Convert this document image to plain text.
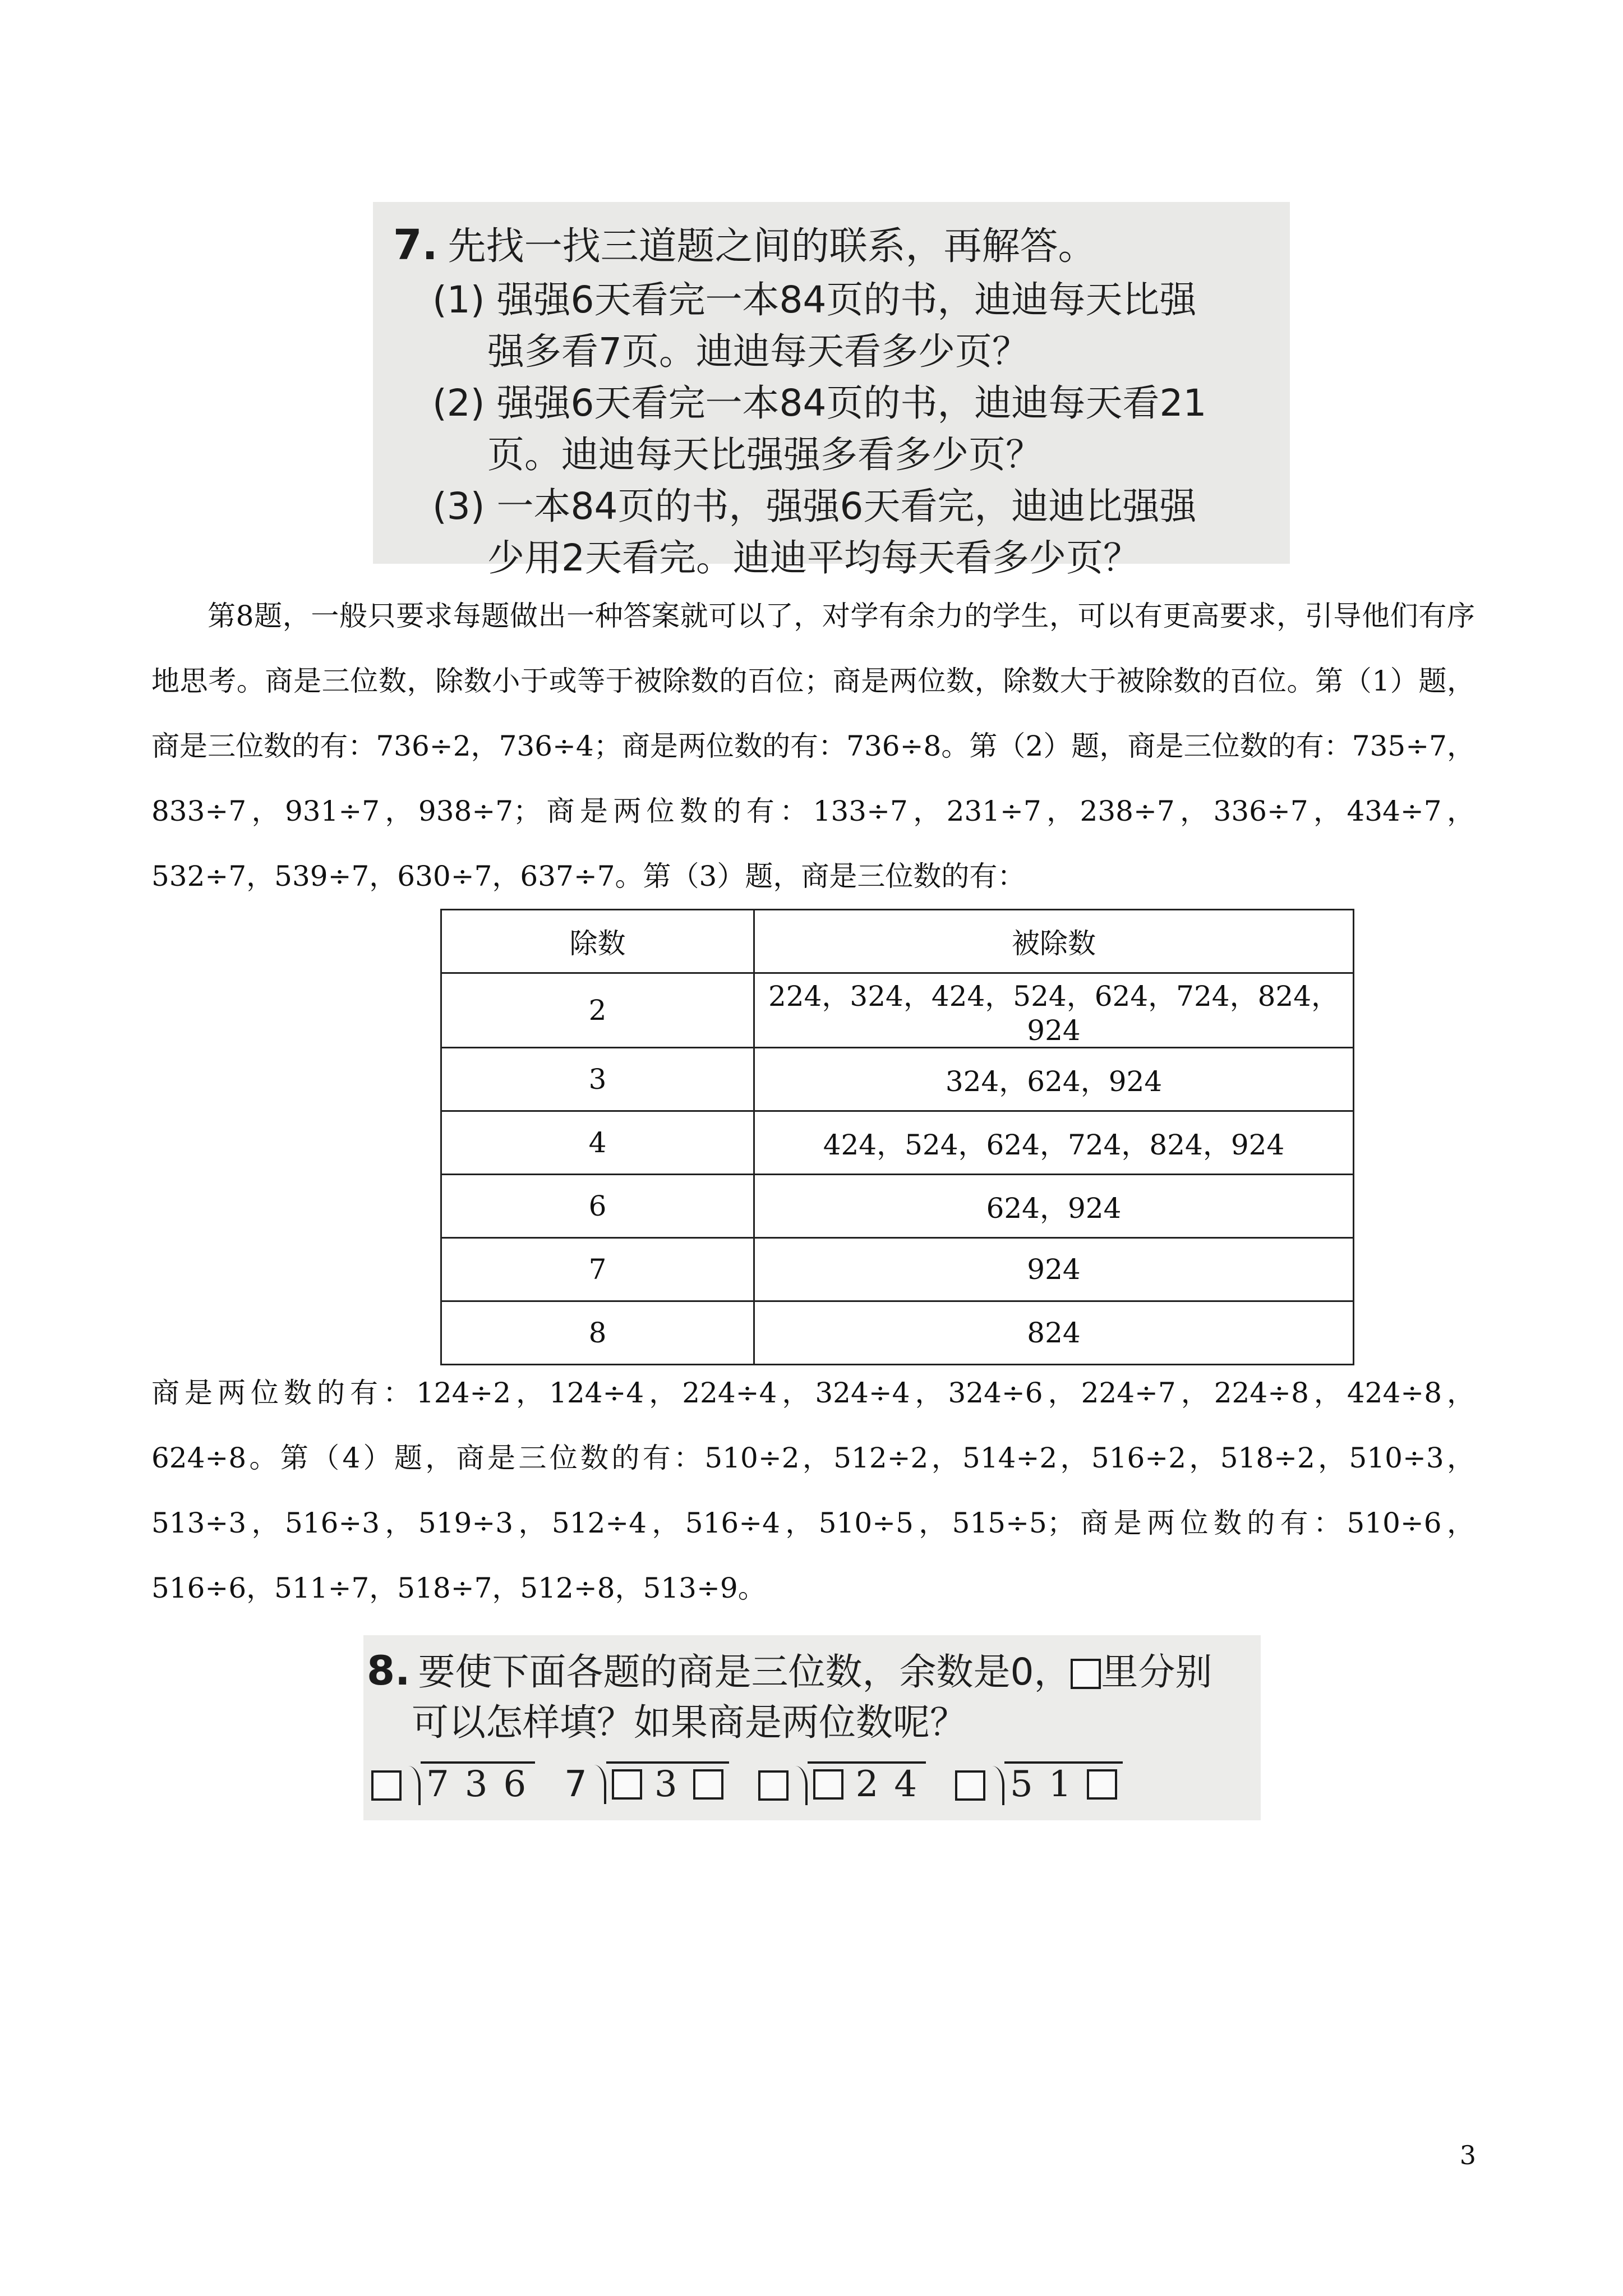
7. 先找一找三道题之间的联系，再解答。
(1) 强强6天看完一本84页的书，迪迪每天比强
强多看7页。迪迪每天看多少页？
(2) 强强6天看完一本84页的书，迪迪每天看21
页。迪迪每天比强强多看多少页？
(3) 一本84页的书，强强6天看完，迪迪比强强
少用2天看完。迪迪平均每天看多少页？
第8题，一般只要求每题做出一种答案就可以了，对学有余力的学生，可以有更高要求，引导他们有序地思考。商是三位数，除数小于或等于被除数的百位；商是两位数，除数大于被除数的百位。第（1）题，商是三位数的有：736÷2，736÷4；商是两位数的有：736÷8。第（2）题，商是三位数的有：735÷7，833÷7，931÷7，938÷7；商是两位数的有：133÷7，231÷7，238÷7，336÷7，434÷7，532÷7，539÷7，630÷7，637÷7。第（3）题，商是三位数的有：
除数	被除数
2	224，324，424，524，624，724，824，924
3	324，624，924
4	424，524，624，724，824，924
6	624，924
7	924
8	824
商是两位数的有：124÷2，124÷4，224÷4，324÷4，324÷6，224÷7，224÷8，424÷8，624÷8。第（4）题，商是三位数的有：510÷2，512÷2，514÷2，516÷2，518÷2，510÷3，513÷3，516÷3，519÷3，512÷4，516÷4，510÷5，515÷5；商是两位数的有：510÷6，516÷6，511÷7，518÷7，512÷8，513÷9。
8. 要使下面各题的商是三位数，余数是0， 里分别
可以怎样填？如果商是两位数呢？
7 3 6 7 3	2 4	5 1
3
